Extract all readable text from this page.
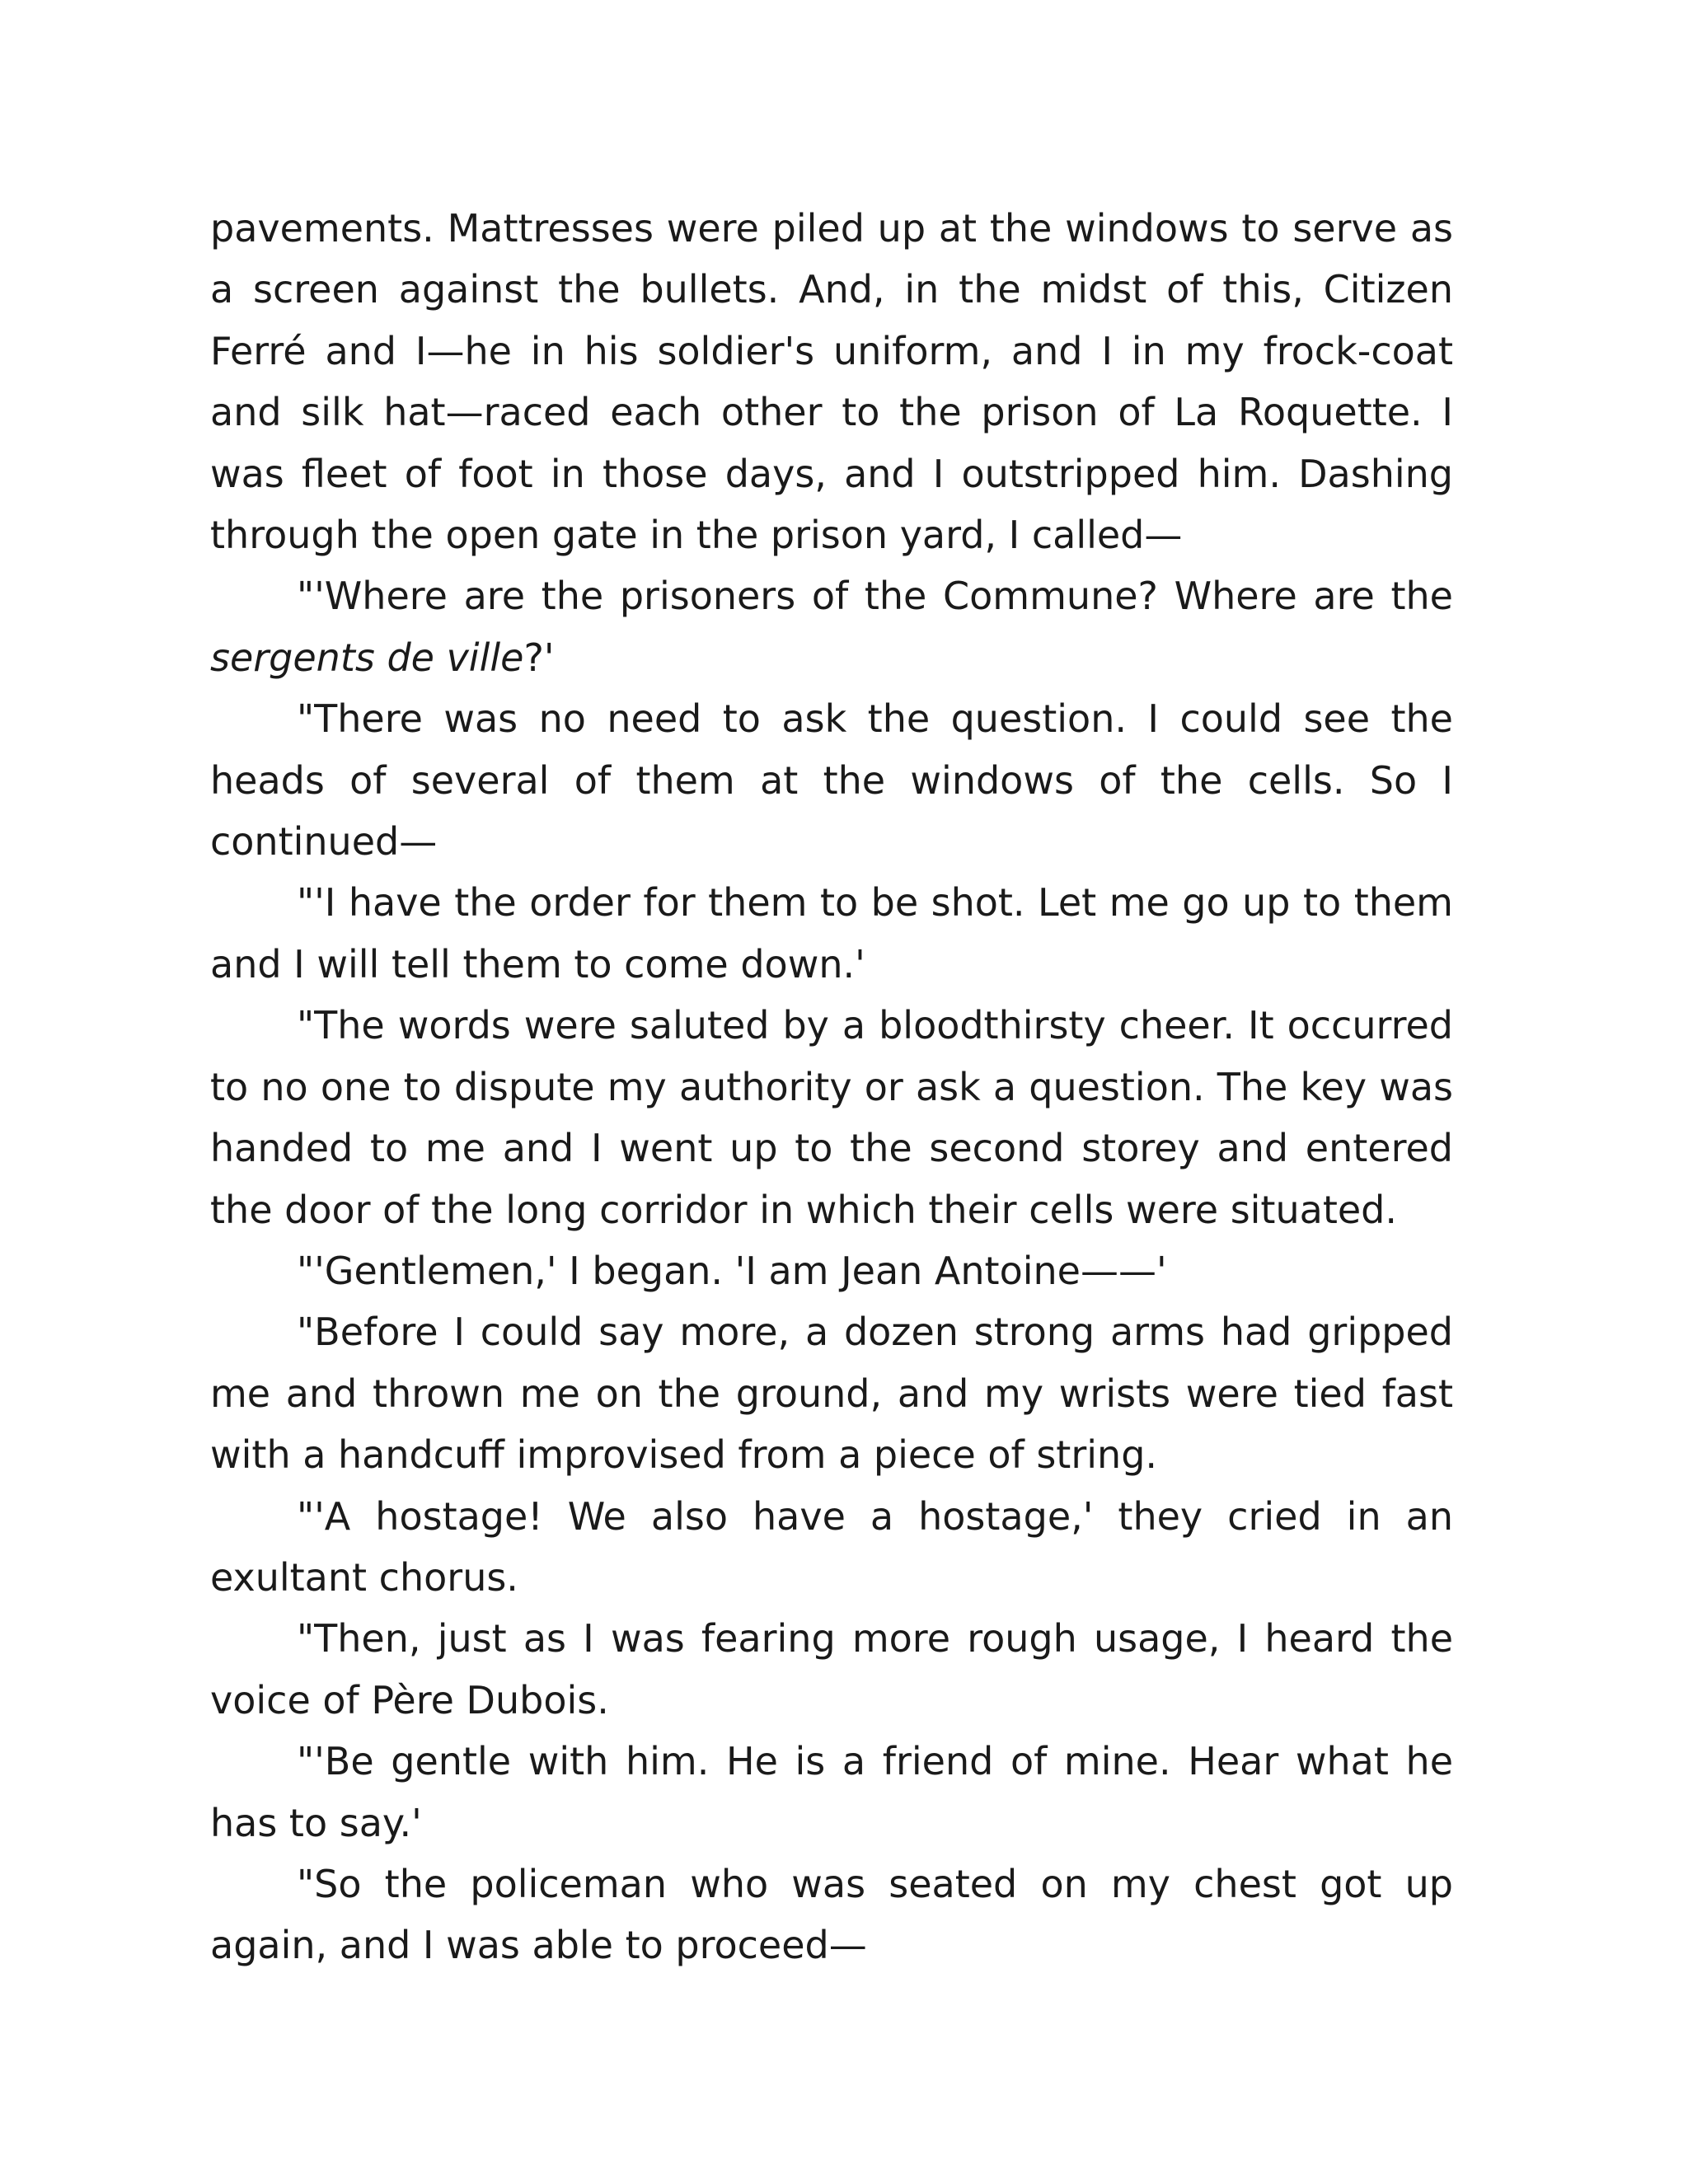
pavements. Mattresses were piled up at the windows to serve as a screen against the bullets. And, in the midst of this, Citizen Ferré and I—he in his soldier's uniform, and I in my frock-coat and silk hat—raced each other to the prison of La Roquette. I was fleet of foot in those days, and I outstripped him. Dashing through the open gate in the prison yard, I called—

"'Where are the prisoners of the Commune? Where are the sergents de ville?'

"There was no need to ask the question. I could see the heads of several of them at the windows of the cells. So I continued—

"'I have the order for them to be shot. Let me go up to them and I will tell them to come down.'

"The words were saluted by a bloodthirsty cheer. It occurred to no one to dispute my authority or ask a question. The key was handed to me and I went up to the second storey and entered the door of the long corridor in which their cells were situated.

"'Gentlemen,' I began. 'I am Jean Antoine——'

"Before I could say more, a dozen strong arms had gripped me and thrown me on the ground, and my wrists were tied fast with a handcuff improvised from a piece of string.

"'A hostage! We also have a hostage,' they cried in an exultant chorus.

"Then, just as I was fearing more rough usage, I heard the voice of Père Dubois.

"'Be gentle with him. He is a friend of mine. Hear what he has to say.'

"So the policeman who was seated on my chest got up again, and I was able to proceed—
